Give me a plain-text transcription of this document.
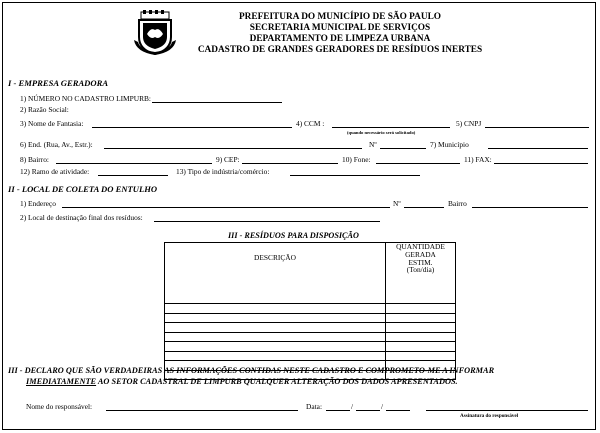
PREFEITURA DO MUNICÍPIO DE SÃO PAULO
SECRETARIA MUNICIPAL DE SERVIÇOS
DEPARTAMENTO DE LIMPEZA URBANA
CADASTRO DE GRANDES GERADORES DE RESÍDUOS INERTES
I - EMPRESA GERADORA
1) NÚMERO NO CADASTRO LIMPURB:
2) Razão Social:
3) Nome de Fantasia:	4) CCM :
(quando necessário será solicitado)
5) CNPJ
6) End. (Rua, Av., Estr.):	Nº	7) Município
8) Bairro:	9) CEP:	10) Fone:	11) FAX:
12) Ramo de atividade:	13) Tipo de indústria/comércio:
II - LOCAL DE COLETA DO ENTULHO
1) Endereço	Nº	Bairro
2) Local de destinação final dos resíduos:
III - RESÍDUOS PARA DISPOSIÇÃO
DESCRIÇÃO	QUANTIDADE
GERADA
ESTIM.
(Ton/dia)

III - DECLARO QUE SÃO VERDADEIRAS AS INFORMAÇÕES CONTIDAS NESTE CADASTRO E COMPROMETO-ME A INFORMAR
IMEDIATAMENTE AO SETOR CADASTRAL DE LIMPURB QUALQUER ALTERAÇÃO DOS DADOS APRESENTADOS.
Nome do responsável:	Data:	/	/
Assinatura do responsável
